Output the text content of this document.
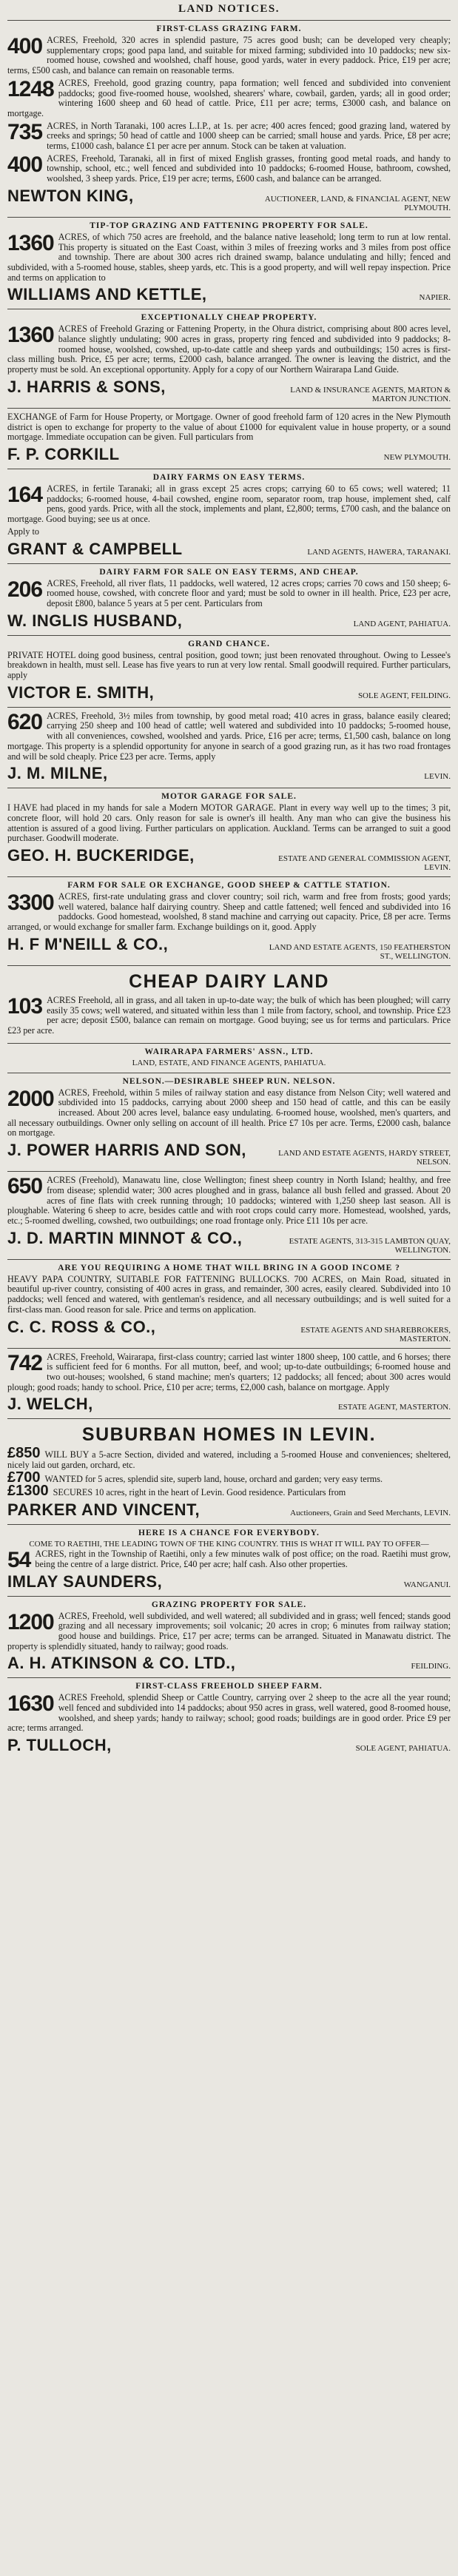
LAND NOTICES.
FIRST-CLASS GRAZING FARM.

400 ACRES, Freehold, 320 acres in splendid pasture, 75 acres good bush; can be developed very cheaply; supplementary crops; good papa land, and suitable for mixed farming; subdivided into 10 paddocks; new six-roomed house, cowshed and woolshed, chaff house, good yards, water in every paddock. Price, £19 per acre; terms, £500 cash, and balance can remain on reasonable terms.

1248 ACRES, Freehold, good grazing country, papa formation; well fenced and subdivided into convenient paddocks; good five-roomed house, woolshed, shearers' whare, cowbail, garden, yards; all in good order; wintering 1600 sheep and 60 head of cattle. Price, £11 per acre; terms, £3000 cash, and balance on mortgage.

735 ACRES, in North Taranaki, 100 acres L.I.P., at 1s. per acre; 400 acres fenced; good grazing land, watered by creeks and springs; 50 head of cattle and 1000 sheep can be carried; small house and yards. Price, £8 per acre; terms, £1000 cash, balance £1 per acre per annum. Stock can be taken at valuation.

400 ACRES, Freehold, Taranaki, all in first of mixed English grasses, fronting good metal roads, and handy to township, school, etc.; well fenced and subdivided into 10 paddocks; 6-roomed House, bathroom, cowshed, woolshed, 3 sheep yards. Price, £19 per acre; terms, £600 cash, and balance can be arranged.

NEWTON KING,	AUCTIONEER, LAND, & FINANCIAL AGENT, NEW PLYMOUTH.
TIP-TOP GRAZING AND FATTENING PROPERTY FOR SALE.

1360 ACRES, of which 750 acres are freehold, and the balance native leasehold; long term to run at low rental. This property is situated on the East Coast, within 3 miles of freezing works and 3 miles from post office and township. There are about 300 acres rich drained swamp, balance undulating and hilly; fenced and subdivided, with a 5-roomed house, stables, sheep yards, etc. This is a good property, and will well repay inspection. Price and terms on application to

WILLIAMS AND KETTLE,	NAPIER.
EXCEPTIONALLY CHEAP PROPERTY.

1360 ACRES of Freehold Grazing or Fattening Property, in the Ohura district, comprising about 800 acres level, balance slightly undulating; 900 acres in grass, property ring fenced and subdivided into 9 paddocks; 8-roomed house, woolshed, cowshed, up-to-date cattle and sheep yards and outbuildings; 150 acres is first-class milling bush. Price, £5 per acre; terms, £2000 cash, balance arranged. The owner is leaving the district, and the property must be sold. An exceptional opportunity. Apply for a copy of our Northern Wairarapa Land Guide.

J. HARRIS & SONS,	LAND & INSURANCE AGENTS, MARTON & MARTON JUNCTION.

EXCHANGE of Farm for House Property, or Mortgage. Owner of good freehold farm of 120 acres in the New Plymouth district is open to exchange for property to the value of about £1000 for equivalent value in house property, or a sound mortgage. Immediate occupation can be given. Full particulars from

F. P. CORKILL	NEW PLYMOUTH.
DAIRY FARMS ON EASY TERMS.

164 ACRES, in fertile Taranaki; all in grass except 25 acres crops; carrying 60 to 65 cows; well watered; 11 paddocks; 6-roomed house, 4-bail cowshed, engine room, separator room, trap house, implement shed, calf pens, good yards. Price, with all the stock, implements and plant, £2,800; terms, £700 cash, and the balance on mortgage. Good buying; see us at once.

Apply to

GRANT & CAMPBELL	LAND AGENTS, HAWERA, TARANAKI.
DAIRY FARM FOR SALE ON EASY TERMS, AND CHEAP.

206 ACRES, Freehold, all river flats, 11 paddocks, well watered, 12 acres crops; carries 70 cows and 150 sheep; 6-roomed house, cowshed, with concrete floor and yard; must be sold to owner in ill health. Price, £23 per acre, deposit £800, balance 5 years at 5 per cent. Particulars from

W. INGLIS HUSBAND,	LAND AGENT, PAHIATUA.
GRAND CHANCE.

PRIVATE HOTEL doing good business, central position, good town; just been renovated throughout. Owing to Lessee's breakdown in health, must sell. Lease has five years to run at very low rental. Small goodwill required. Further particulars, apply

VICTOR E. SMITH,	SOLE AGENT, FEILDING.

620 ACRES, Freehold, 3½ miles from township, by good metal road; 410 acres in grass, balance easily cleared; carrying 250 sheep and 100 head of cattle; well watered and subdivided into 10 paddocks; 5-roomed house, with all conveniences, cowshed, woolshed and yards. Price, £16 per acre; terms, £1,500 cash, balance on long mortgage. This property is a splendid opportunity for anyone in search of a good grazing run, as it has two road frontages and will be sold cheaply. Price £23 per acre. Terms, apply

J. M. MILNE,	LEVIN.
MOTOR GARAGE FOR SALE.

I HAVE had placed in my hands for sale a Modern MOTOR GARAGE. Plant in every way well up to the times; 3 pit, concrete floor, will hold 20 cars. Only reason for sale is owner's ill health. Any man who can give the business his attention is assured of a good living. Further particulars on application. Auckland. Terms can be arranged to suit a good purchaser. Goodwill moderate.

GEO. H. BUCKERIDGE,	ESTATE AND GENERAL COMMISSION AGENT, LEVIN.
FARM FOR SALE OR EXCHANGE, GOOD SHEEP & CATTLE STATION.

3300 ACRES, first-rate undulating grass and clover country; soil rich, warm and free from frosts; good yards; well watered, balance half dairying country. Sheep and cattle fattened; well fenced and subdivided into 16 paddocks. Good homestead, woolshed, 8 stand machine and carrying out capacity. Price, £8 per acre. Terms arranged, or would exchange for smaller farm. Exchange buildings on it, good. Apply

H. F M'NEILL & CO.,	LAND AND ESTATE AGENTS, 150 FEATHERSTON ST., WELLINGTON.
CHEAP DAIRY LAND

103 ACRES Freehold, all in grass, and all taken in up-to-date way; the bulk of which has been ploughed; will carry easily 35 cows; well watered, and situated within less than 1 mile from factory, school, and township. Price £23 per acre; deposit £500, balance can remain on mortgage. Good buying; see us for terms and particulars. Price £23 per acre.

WAIRARAPA FARMERS' ASSN., LTD.
LAND, ESTATE, AND FINANCE AGENTS, PAHIATUA.
NELSON.—DESIRABLE SHEEP RUN. NELSON.

2000 ACRES, Freehold, within 5 miles of railway station and easy distance from Nelson City; well watered and subdivided into 15 paddocks, carrying about 2000 sheep and 150 head of cattle, and this can be easily increased. About 200 acres level, balance easy undulating. 6-roomed house, woolshed, men's quarters, and all necessary outbuildings. Owner only selling on account of ill health. Price £7 10s per acre. Terms, £2000 cash, balance on mortgage.

J. POWER HARRIS AND SON,	LAND AND ESTATE AGENTS, HARDY STREET, NELSON.

650 ACRES (Freehold), Manawatu line, close Wellington; finest sheep country in North Island; healthy, and free from disease; splendid water; 300 acres ploughed and in grass, balance all bush felled and grassed. About 20 acres of fine flats with creek running through; 10 paddocks; wintered with 1,250 sheep last season. All is ploughable. Watering 6 sheep to acre, besides cattle and with root crops could carry more. Homestead, woolshed, yards, etc.; 5-roomed dwelling, cowshed, two outbuildings; one road frontage only. Price £11 10s per acre.

J. D. MARTIN MINNOT & CO.,	ESTATE AGENTS, 313-315 LAMBTON QUAY, WELLINGTON.
ARE YOU REQUIRING A HOME THAT WILL BRING IN A GOOD INCOME ?

HEAVY PAPA COUNTRY, SUITABLE FOR FATTENING BULLOCKS. 700 ACRES, on Main Road, situated in beautiful up-river country, consisting of 400 acres in grass, and remainder, 300 acres, easily cleared. Subdivided into 10 paddocks; well fenced and watered, with gentleman's residence, and all necessary outbuildings; and is well suited for a first-class man. Good reason for sale. Price and terms on application.

C. C. ROSS & CO.,	ESTATE AGENTS AND SHAREBROKERS, MASTERTON.

742 ACRES, Freehold, Wairarapa, first-class country; carried last winter 1800 sheep, 100 cattle, and 6 horses; there is sufficient feed for 6 months. For all mutton, beef, and wool; up-to-date outbuildings; 6-roomed house and two out-houses; woolshed, 6 stand machine; men's quarters; 12 paddocks; all fenced; about 300 acres would plough; good roads; handy to school. Price, £10 per acre; terms, £2,000 cash, balance on mortgage. Apply

J. WELCH,	ESTATE AGENT, MASTERTON.
SUBURBAN HOMES IN LEVIN.

£850 WILL BUY a 5-acre Section, divided and watered, including a 5-roomed House and conveniences; sheltered, nicely laid out garden, orchard, etc.

£700 WANTED for 5 acres, splendid site, superb land, house, orchard and garden; very easy terms.

£1300 SECURES 10 acres, right in the heart of Levin. Good residence. Particulars from

PARKER AND VINCENT,	Auctioneers, Grain and Seed Merchants, LEVIN.
HERE IS A CHANCE FOR EVERYBODY.
COME TO RAETIHI, THE LEADING TOWN OF THE KING COUNTRY. THIS IS WHAT IT WILL PAY TO OFFER—

54 ACRES, right in the Township of Raetihi, only a few minutes walk of post office; on the road. Raetihi must grow, being the centre of a large district. Price, £40 per acre; half cash. Also other properties.

IMLAY SAUNDERS,	WANGANUI.
GRAZING PROPERTY FOR SALE.

1200 ACRES, Freehold, well subdivided, and well watered; all subdivided and in grass; well fenced; stands good grazing and all necessary improvements; soil volcanic; 20 acres in crop; 6 minutes from railway station; good house and buildings. Price, £17 per acre; terms can be arranged. Situated in Manawatu district. The property is splendidly situated, handy to railway; good roads.

A. H. ATKINSON & CO. LTD.,	FEILDING.
FIRST-CLASS FREEHOLD SHEEP FARM.

1630 ACRES Freehold, splendid Sheep or Cattle Country, carrying over 2 sheep to the acre all the year round; well fenced and subdivided into 14 paddocks; about 950 acres in grass, well watered, good 8-roomed house, woolshed, and sheep yards; handy to railway; school; good roads; buildings are in good order. Price £9 per acre; terms arranged.

P. TULLOCH,	SOLE AGENT, PAHIATUA.
